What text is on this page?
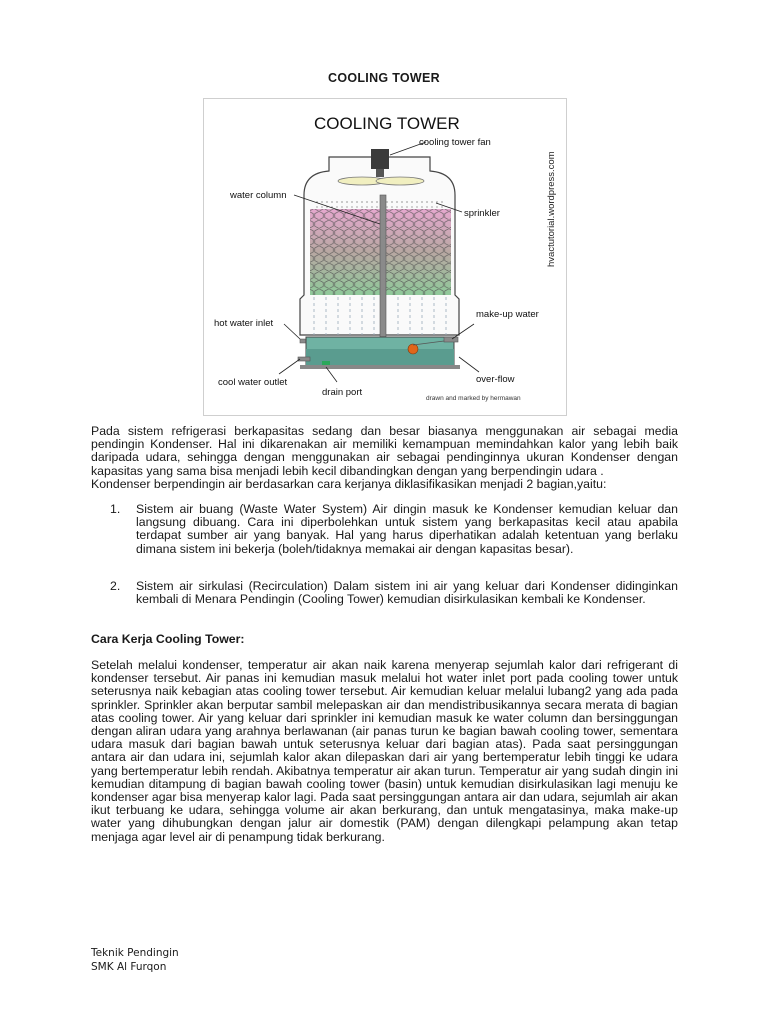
COOLING TOWER
COOLING TOWER
cooling tower fan
water column
sprinkler
hot water inlet
make-up water
cool water outlet
drain port
over-flow
hvactutorial.wordpress.com
drawn and marked by hermawan
Pada sistem refrigerasi berkapasitas sedang dan besar biasanya menggunakan air sebagai media pendingin Kondenser. Hal ini dikarenakan air memiliki kemampuan memindahkan kalor yang lebih baik daripada udara, sehingga dengan menggunakan air sebagai pendinginnya ukuran Kondenser dengan kapasitas yang sama bisa menjadi lebih kecil dibandingkan dengan yang berpendingin udara .
Kondenser berpendingin air berdasarkan cara kerjanya diklasifikasikan menjadi 2 bagian,yaitu:
1. Sistem air buang (Waste Water System) Air dingin masuk ke Kondenser kemudian keluar dan langsung dibuang. Cara ini diperbolehkan untuk sistem yang berkapasitas kecil atau apabila terdapat sumber air yang banyak. Hal yang harus diperhatikan adalah ketentuan yang berlaku dimana sistem ini bekerja (boleh/tidaknya memakai air dengan kapasitas besar).
2. Sistem air sirkulasi (Recirculation) Dalam sistem ini air yang keluar dari Kondenser didinginkan kembali di Menara Pendingin (Cooling Tower) kemudian disirkulasikan kembali ke Kondenser.
Cara Kerja Cooling Tower:
Setelah melalui kondenser, temperatur air akan naik karena menyerap sejumlah kalor dari refrigerant di kondenser tersebut. Air panas ini kemudian masuk melalui hot water inlet port pada cooling tower untuk seterusnya naik kebagian atas cooling tower tersebut. Air kemudian keluar melalui lubang2 yang ada pada sprinkler. Sprinkler akan berputar sambil melepaskan air dan mendistribusikannya secara merata di bagian atas cooling tower. Air yang keluar dari sprinkler ini kemudian masuk ke water column dan bersinggungan dengan aliran udara yang arahnya berlawanan (air panas turun ke bagian bawah cooling tower, sementara udara masuk dari bagian bawah untuk seterusnya keluar dari bagian atas). Pada saat persinggungan antara air dan udara ini, sejumlah kalor akan dilepaskan dari air yang bertemperatur lebih tinggi ke udara yang bertemperatur lebih rendah. Akibatnya temperatur air akan turun. Temperatur air yang sudah dingin ini kemudian ditampung di bagian bawah cooling tower (basin) untuk kemudian disirkulasikan lagi menuju ke kondenser agar bisa menyerap kalor lagi. Pada saat persinggungan antara air dan udara, sejumlah air akan ikut terbuang ke udara, sehingga volume air akan berkurang, dan untuk mengatasinya, maka make-up water yang dihubungkan dengan jalur air domestik (PAM) dengan dilengkapi pelampung akan tetap menjaga agar level air di penampung tidak berkurang.
Teknik Pendingin
SMK Al Furqon
